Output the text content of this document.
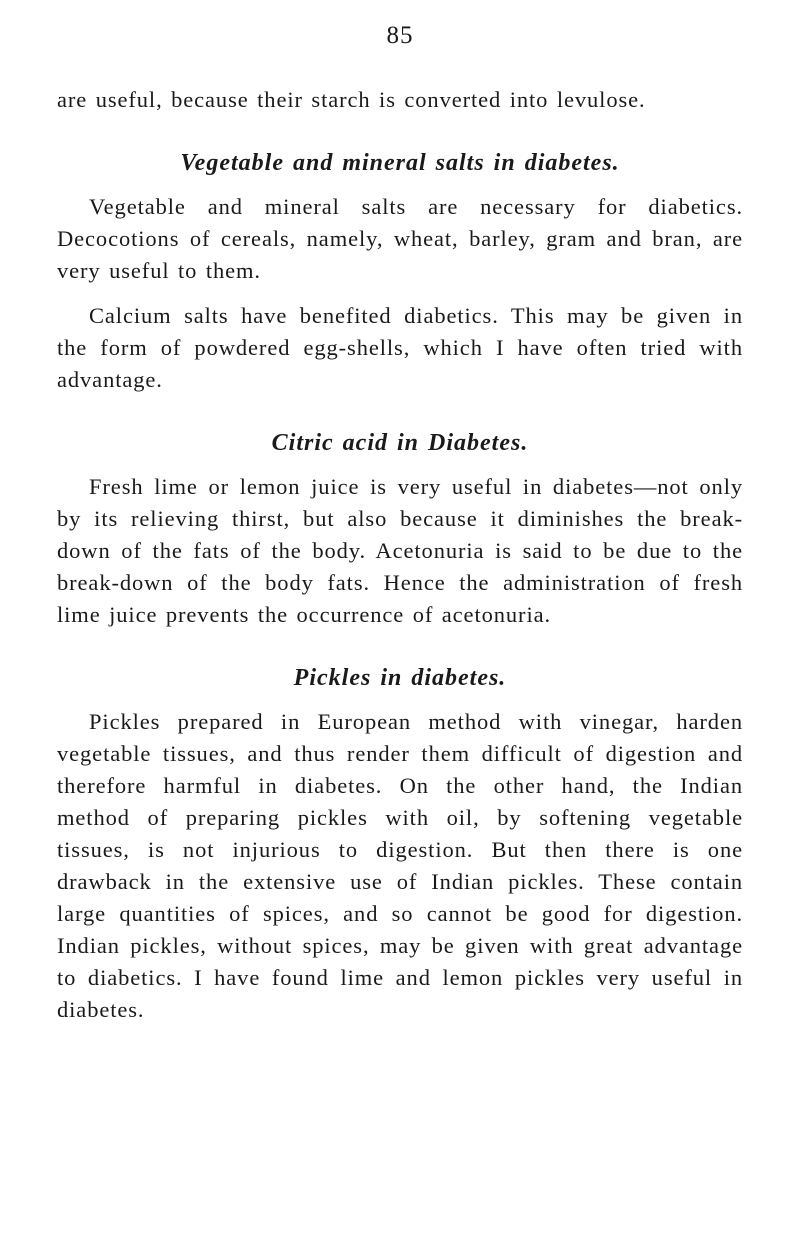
85

are useful, because their starch is converted into levulose.

Vegetable and mineral salts in diabetes.

Vegetable and mineral salts are necessary for diabetics. Decocotions of cereals, namely, wheat, barley, gram and bran, are very useful to them.

Calcium salts have benefited diabetics. This may be given in the form of powdered egg-shells, which I have often tried with advantage.

Citric acid in Diabetes.

Fresh lime or lemon juice is very useful in diabetes—not only by its relieving thirst, but also because it diminishes the break-down of the fats of the body. Acetonuria is said to be due to the break-down of the body fats. Hence the administration of fresh lime juice prevents the occurrence of acetonuria.

Pickles in diabetes.

Pickles prepared in European method with vinegar, harden vegetable tissues, and thus render them difficult of digestion and therefore harmful in diabetes. On the other hand, the Indian method of preparing pickles with oil, by softening vegetable tissues, is not injurious to digestion. But then there is one drawback in the extensive use of Indian pickles. These contain large quantities of spices, and so cannot be good for digestion. Indian pickles, without spices, may be given with great advantage to diabetics. I have found lime and lemon pickles very useful in diabetes.
